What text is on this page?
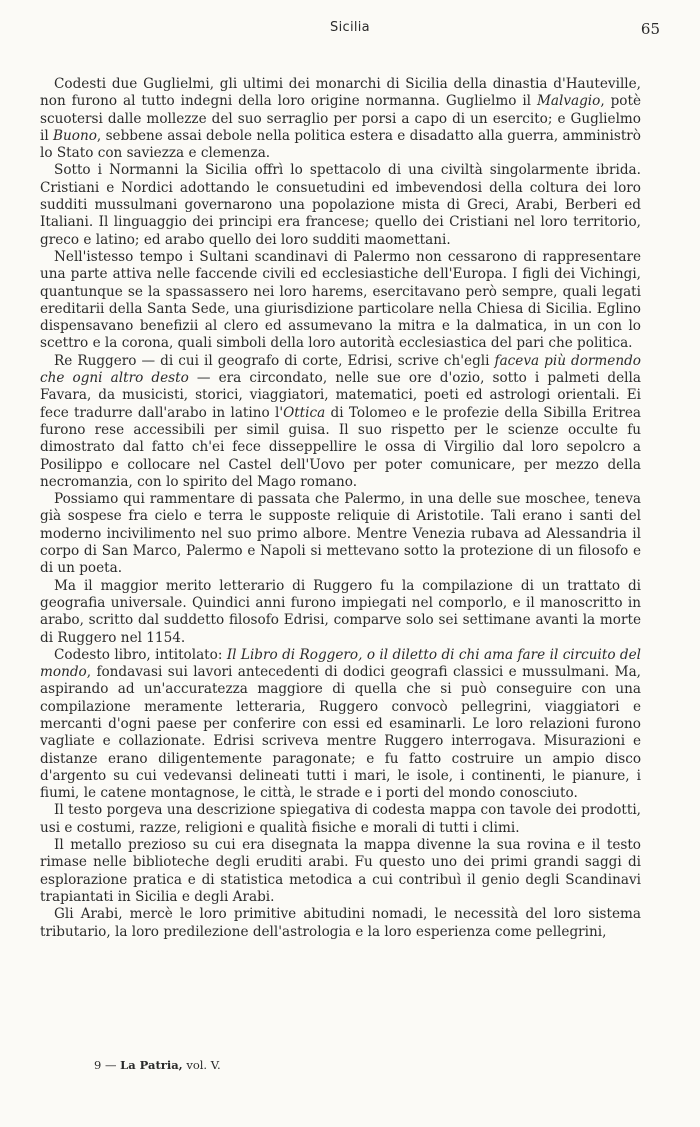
Sicilia	65

Codesti due Guglielmi, gli ultimi dei monarchi di Sicilia della dinastia d'Hauteville, non furono al tutto indegni della loro origine normanna. Guglielmo il Malvagio, potè scuotersi dalle mollezze del suo serraglio per porsi a capo di un esercito; e Guglielmo il Buono, sebbene assai debole nella politica estera e disadatto alla guerra, amministrò lo Stato con saviezza e clemenza.

Sotto i Normanni la Sicilia offrì lo spettacolo di una civiltà singolarmente ibrida. Cristiani e Nordici adottando le consuetudini ed imbevendosi della coltura dei loro sudditi mussulmani governarono una popolazione mista di Greci, Arabi, Berberi ed Italiani. Il linguaggio dei principi era francese; quello dei Cristiani nel loro territorio, greco e latino; ed arabo quello dei loro sudditi maomettani.

Nell'istesso tempo i Sultani scandinavi di Palermo non cessarono di rappresentare una parte attiva nelle faccende civili ed ecclesiastiche dell'Europa. I figli dei Vichingi, quantunque se la spassassero nei loro harems, esercitavano però sempre, quali legati ereditarii della Santa Sede, una giurisdizione particolare nella Chiesa di Sicilia. Eglino dispensavano benefizii al clero ed assumevano la mitra e la dalmatica, in un con lo scettro e la corona, quali simboli della loro autorità ecclesiastica del pari che politica.

Re Ruggero — di cui il geografo di corte, Edrisi, scrive ch'egli faceva più dormendo che ogni altro desto — era circondato, nelle sue ore d'ozio, sotto i palmeti della Favara, da musicisti, storici, viaggiatori, matematici, poeti ed astrologi orientali. Ei fece tradurre dall'arabo in latino l'Ottica di Tolomeo e le profezie della Sibilla Eritrea furono rese accessibili per simil guisa. Il suo rispetto per le scienze occulte fu dimostrato dal fatto ch'ei fece disseppellire le ossa di Virgilio dal loro sepolcro a Posilippo e collocare nel Castel dell'Uovo per poter comunicare, per mezzo della necromanzia, con lo spirito del Mago romano.

Possiamo qui rammentare di passata che Palermo, in una delle sue moschee, teneva già sospese fra cielo e terra le supposte reliquie di Aristotile. Tali erano i santi del moderno incivilimento nel suo primo albore. Mentre Venezia rubava ad Alessandria il corpo di San Marco, Palermo e Napoli si mettevano sotto la protezione di un filosofo e di un poeta.

Ma il maggior merito letterario di Ruggero fu la compilazione di un trattato di geografia universale. Quindici anni furono impiegati nel comporlo, e il manoscritto in arabo, scritto dal suddetto filosofo Edrisi, comparve solo sei settimane avanti la morte di Ruggero nel 1154.

Codesto libro, intitolato: Il Libro di Roggero, o il diletto di chi ama fare il circuito del mondo, fondavasi sui lavori antecedenti di dodici geografi classici e mussulmani. Ma, aspirando ad un'accuratezza maggiore di quella che si può conseguire con una compilazione meramente letteraria, Ruggero convocò pellegrini, viaggiatori e mercanti d'ogni paese per conferire con essi ed esaminarli. Le loro relazioni furono vagliate e collazionate. Edrisi scriveva mentre Ruggero interrogava. Misurazioni e distanze erano diligentemente paragonate; e fu fatto costruire un ampio disco d'argento su cui vedevansi delineati tutti i mari, le isole, i continenti, le pianure, i fiumi, le catene montagnose, le città, le strade e i porti del mondo conosciuto.

Il testo porgeva una descrizione spiegativa di codesta mappa con tavole dei prodotti, usi e costumi, razze, religioni e qualità fisiche e morali di tutti i climi.

Il metallo prezioso su cui era disegnata la mappa divenne la sua rovina e il testo rimase nelle biblioteche degli eruditi arabi. Fu questo uno dei primi grandi saggi di esplorazione pratica e di statistica metodica a cui contribuì il genio degli Scandinavi trapiantati in Sicilia e degli Arabi.

Gli Arabi, mercè le loro primitive abitudini nomadi, le necessità del loro sistema tributario, la loro predilezione dell'astrologia e la loro esperienza come pellegrini,

9 — La Patria, vol. V.
